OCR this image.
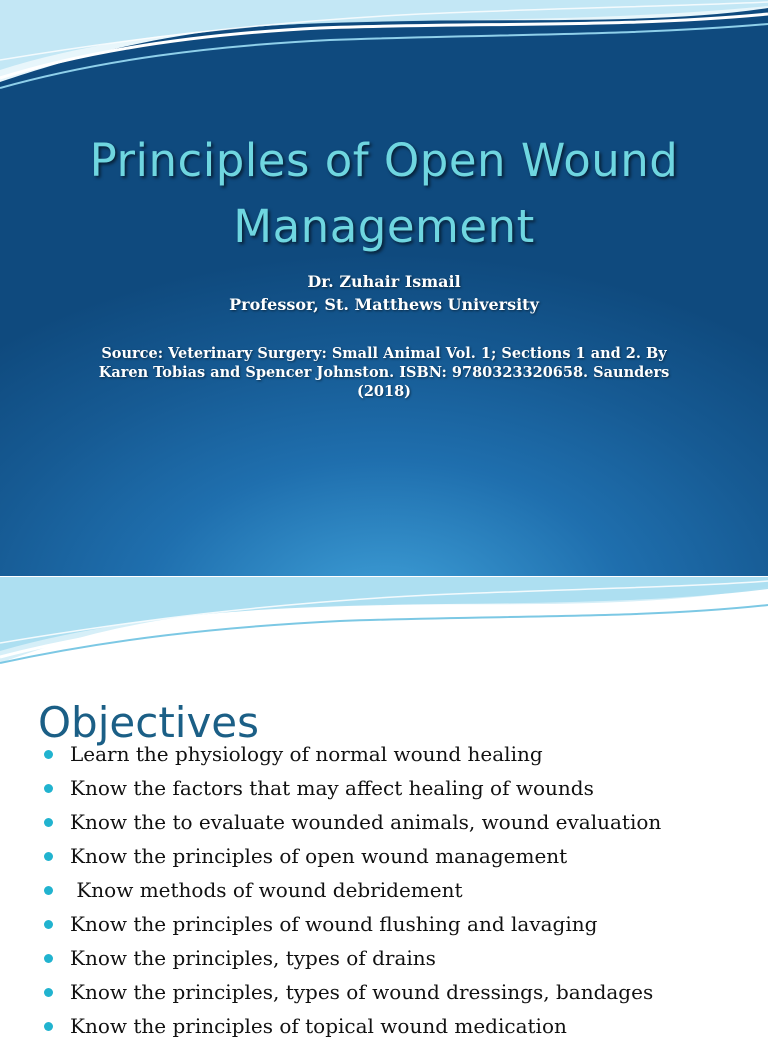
Principles of Open Wound
Management
Dr. Zuhair Ismail
Professor, St. Matthews University
Source: Veterinary Surgery: Small Animal Vol. 1; Sections 1 and 2. By
Karen Tobias and Spencer Johnston. ISBN: 9780323320658. Saunders
(2018)
Objectives
Learn the physiology of normal wound healing
Know the factors that may affect healing of wounds
Know the to evaluate wounded animals, wound evaluation
Know the principles of open wound management
Know methods of wound debridement
Know the principles of wound flushing and lavaging
Know the principles, types of drains
Know the principles, types of wound dressings, bandages
Know the principles of topical wound medication
